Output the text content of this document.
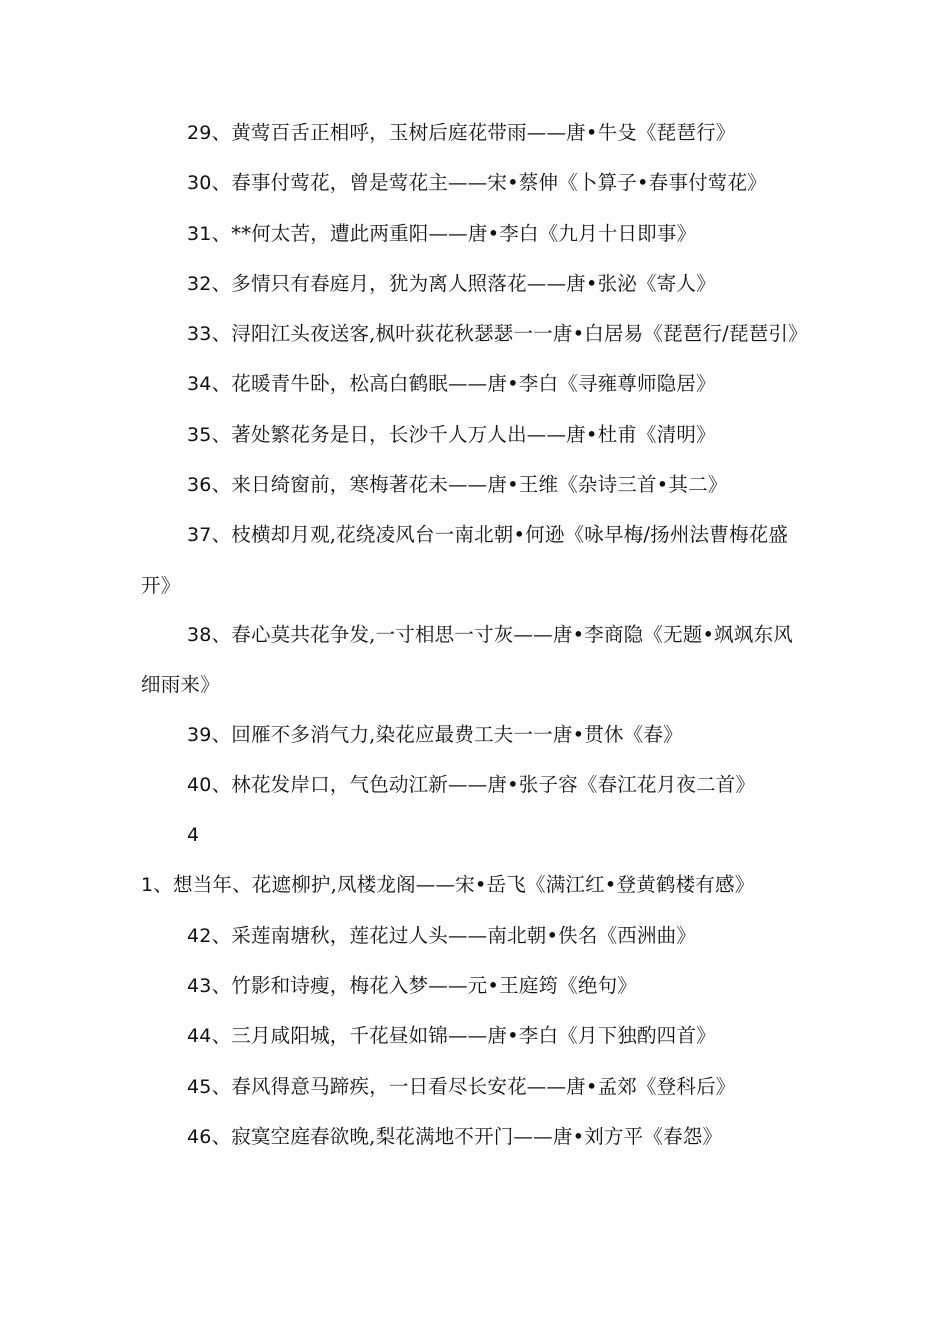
29、黄莺百舌正相呼，玉树后庭花带雨——唐•牛殳《琵琶行》
30、春事付莺花，曾是莺花主——宋•蔡伸《卜算子•春事付莺花》
31、**何太苦，遭此两重阳——唐•李白《九月十日即事》
32、多情只有春庭月，犹为离人照落花——唐•张泌《寄人》
33、浔阳江头夜送客,枫叶荻花秋瑟瑟一一唐•白居易《琵琶行/琵琶引》
34、花暖青牛卧，松高白鹤眠——唐•李白《寻雍尊师隐居》
35、著处繁花务是日，长沙千人万人出——唐•杜甫《清明》
36、来日绮窗前，寒梅著花未——唐•王维《杂诗三首•其二》
37、枝横却月观,花绕凌风台一南北朝•何逊《咏早梅/扬州法曹梅花盛开》
38、春心莫共花争发,一寸相思一寸灰——唐•李商隐《无题•飒飒东风细雨来》
39、回雁不多消气力,染花应最费工夫一一唐•贯休《春》
40、林花发岸口，气色动江新——唐•张子容《春江花月夜二首》
41、想当年、花遮柳护,凤楼龙阁——宋•岳飞《满江红•登黄鹤楼有感》
42、采莲南塘秋，莲花过人头——南北朝•佚名《西洲曲》
43、竹影和诗瘦，梅花入梦——元•王庭筠《绝句》
44、三月咸阳城，千花昼如锦——唐•李白《月下独酌四首》
45、春风得意马蹄疾，一日看尽长安花——唐•孟郊《登科后》
46、寂寞空庭春欲晚,梨花满地不开门——唐•刘方平《春怨》
